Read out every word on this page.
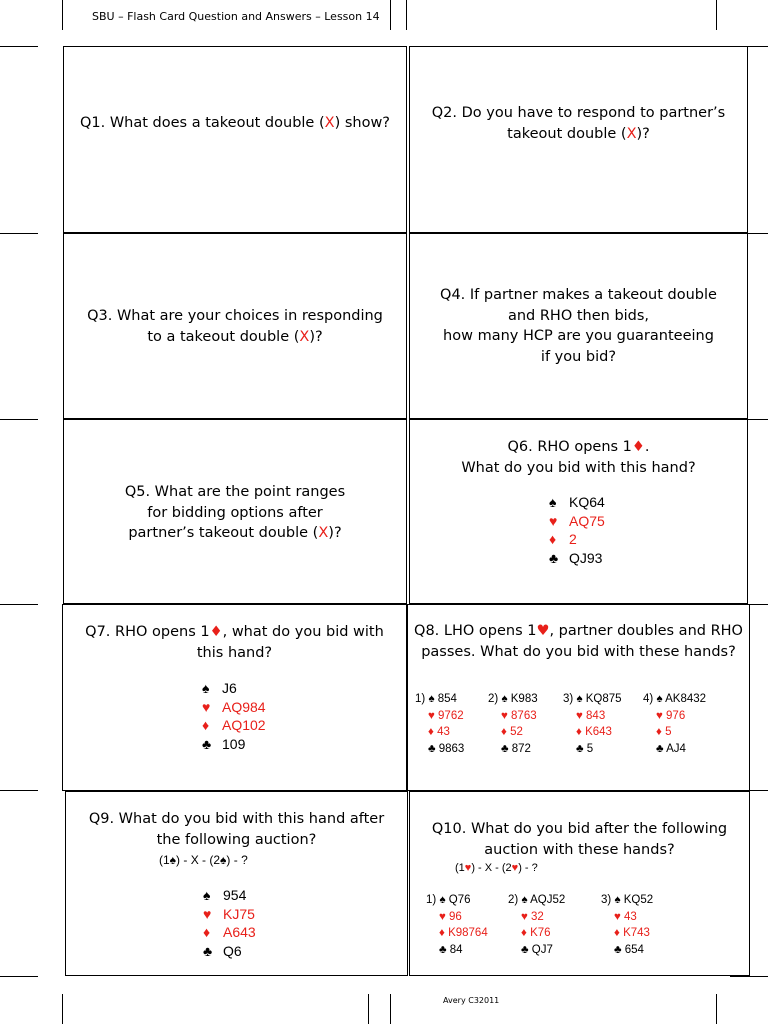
SBU – Flash Card Question and Answers – Lesson 14
Avery C32011
Q1. What does a takeout double (X) show?
Q2. Do you have to respond to partner’s
takeout double (X)?
Q3. What are your choices in responding
to a takeout double (X)?
Q4. If partner makes a takeout double
and RHO then bids,
how many HCP are you guaranteeing
if you bid?
Q5. What are the point ranges
for bidding options after
partner’s takeout double (X)?
Q6. RHO opens 1♦.
What do you bid with this hand?
♠ KQ64
♥ AQ75
♦ 2
♣ QJ93
Q7. RHO opens 1♦, what do you bid with
this hand?
♠ J6
♥ AQ984
♦ AQ102
♣ 109
Q8. LHO opens 1♥, partner doubles and RHO
passes. What do you bid with these hands?
1) ♠ 854
♥ 9762
♦ 43
♣ 9863
2) ♠ K983
♥ 8763
♦ 52
♣ 872
3) ♠ KQ875
♥ 843
♦ K643
♣ 5
4) ♠ AK8432
♥ 976
♦ 5
♣ AJ4
Q9. What do you bid with this hand after
the following auction?
(1♠) - X - (2♠) - ?
♠ 954
♥ KJ75
♦ A643
♣ Q6
Q10. What do you bid after the following
auction with these hands?
(1♥) - X - (2♥) - ?
1) ♠ Q76
♥ 96
♦ K98764
♣ 84
2) ♠ AQJ52
♥ 32
♦ K76
♣ QJ7
3) ♠ KQ52
♥ 43
♦ K743
♣ 654
